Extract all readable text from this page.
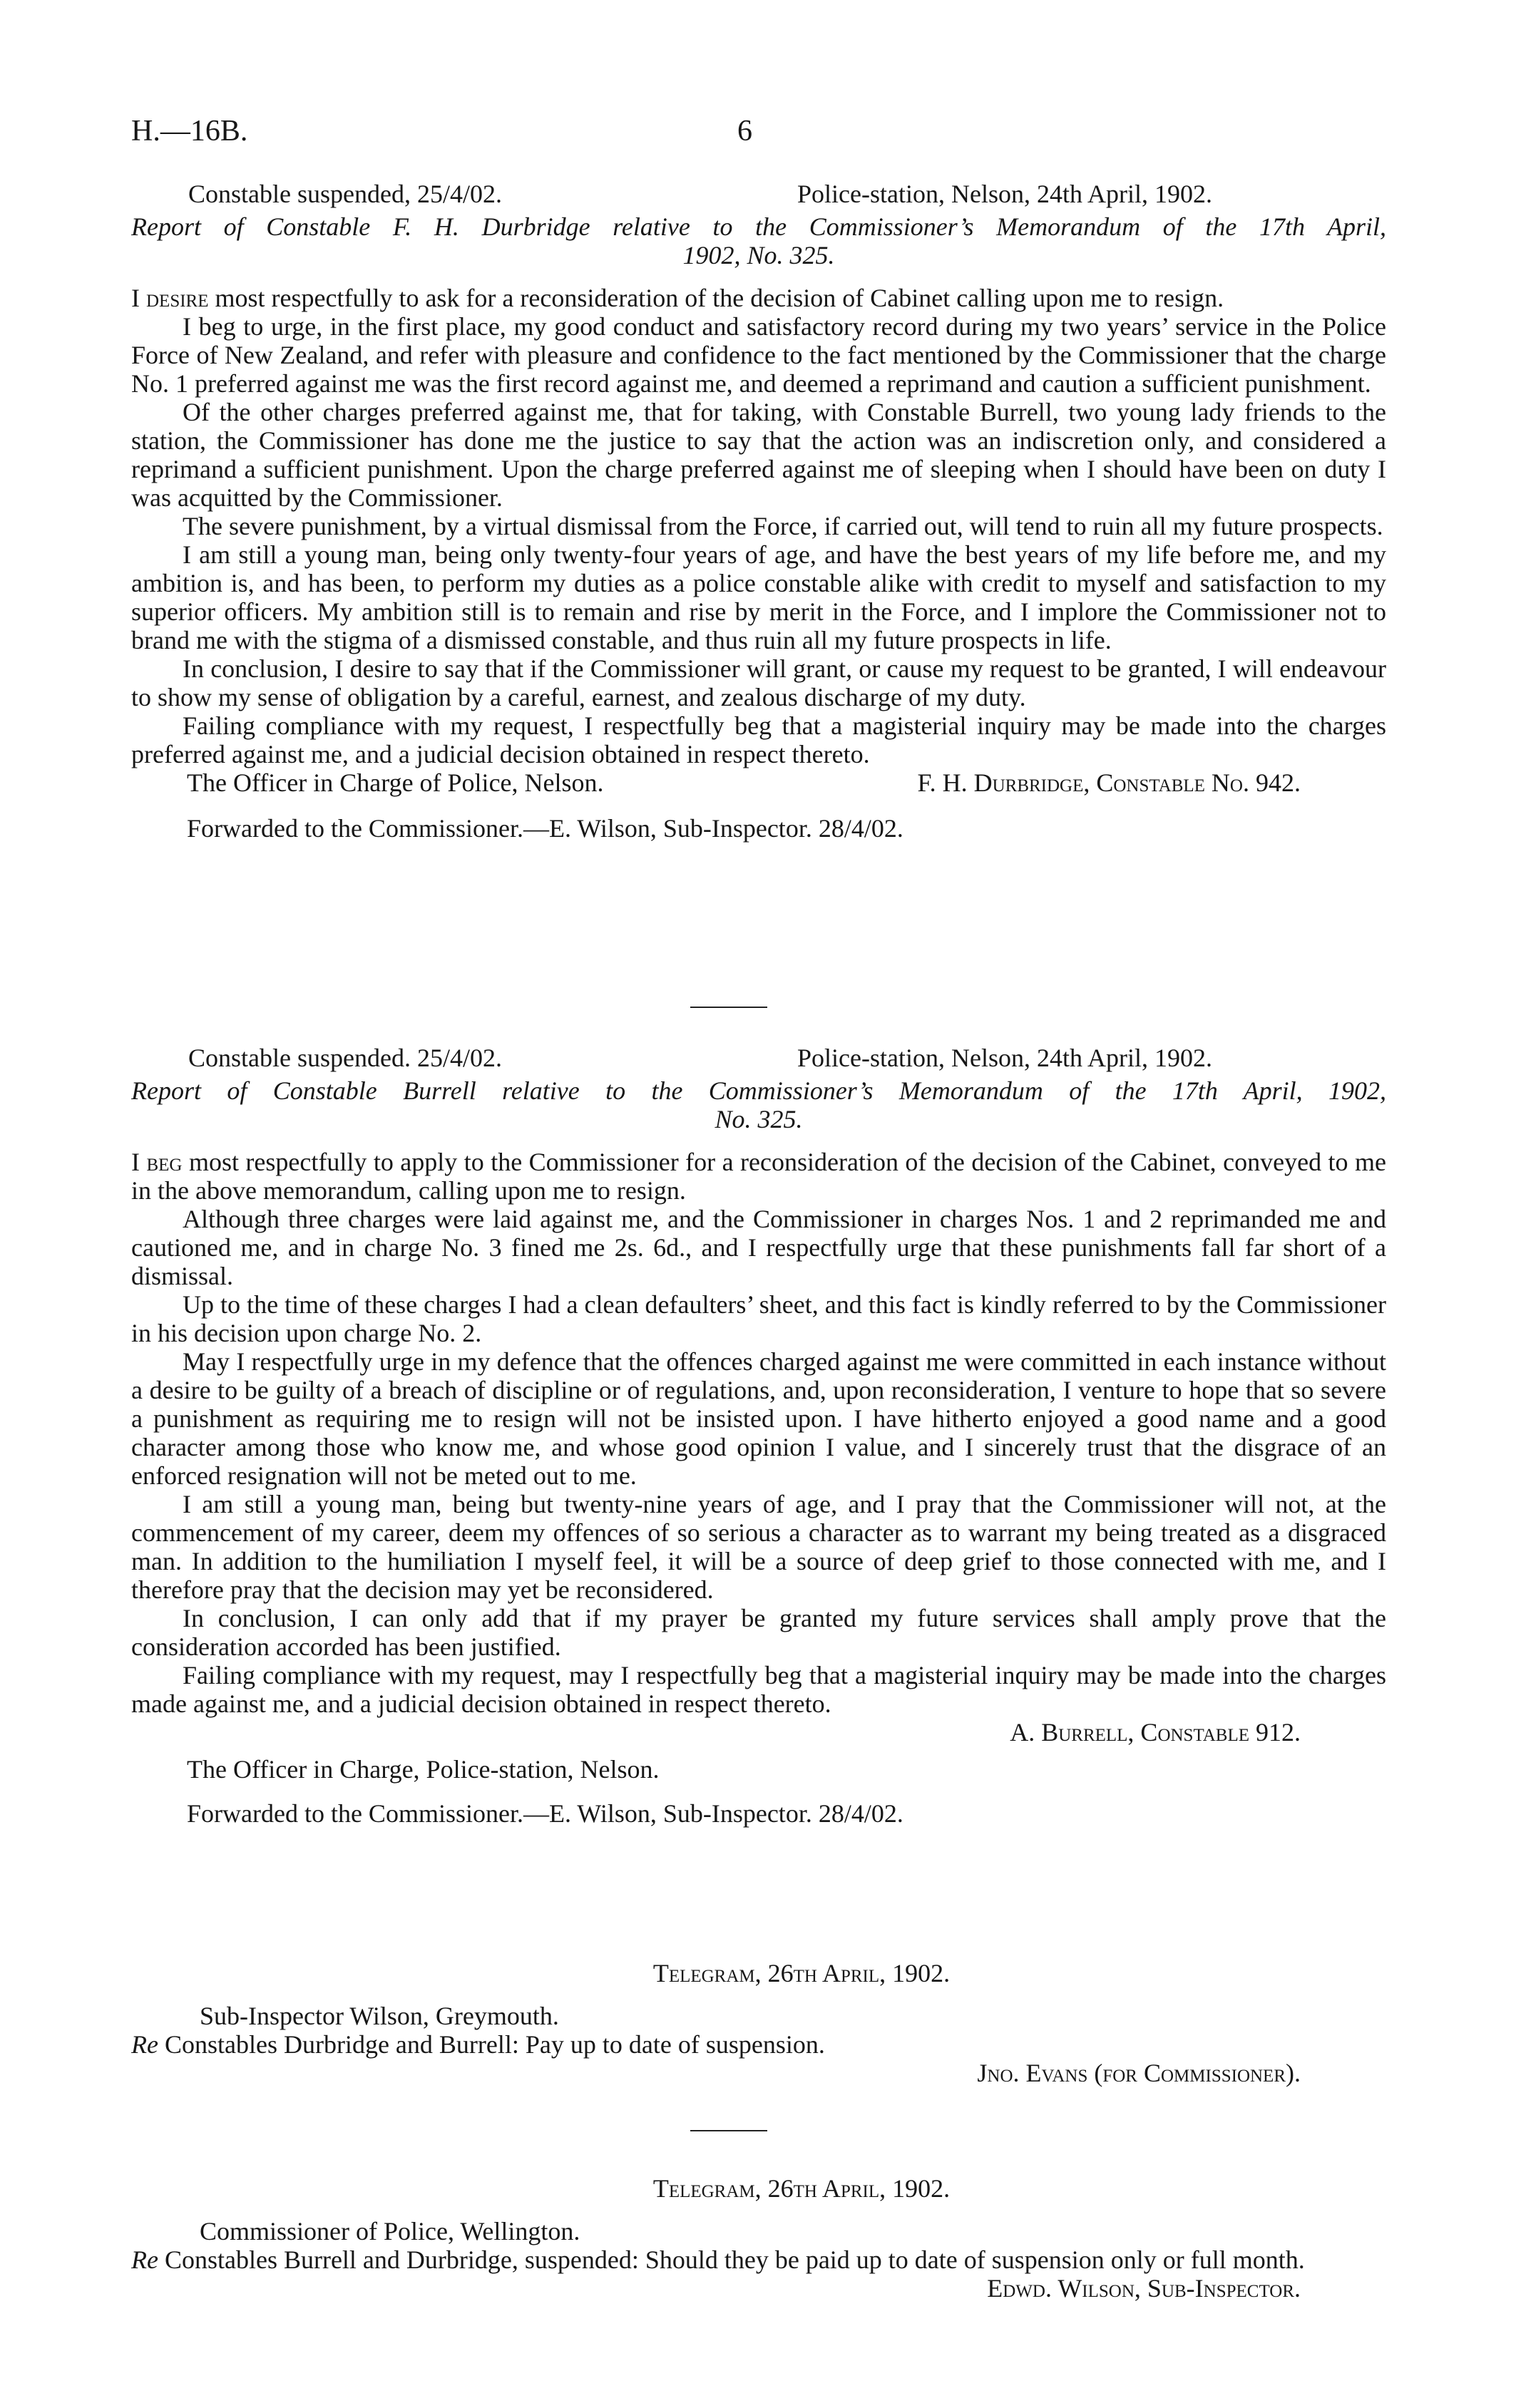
H.—16B.	6
Constable suspended, 25/4/02.	Police-station, Nelson, 24th April, 1902.
Report of Constable F. H. Durbridge relative to the Commissioner’s Memorandum of the 17th April,
1902, No. 325.

I desire most respectfully to ask for a reconsideration of the decision of Cabinet calling upon me to resign.

I beg to urge, in the first place, my good conduct and satisfactory record during my two years’ service in the Police Force of New Zealand, and refer with pleasure and confidence to the fact mentioned by the Commissioner that the charge No. 1 preferred against me was the first record against me, and deemed a reprimand and caution a sufficient punishment.

Of the other charges preferred against me, that for taking, with Constable Burrell, two young lady friends to the station, the Commissioner has done me the justice to say that the action was an indiscretion only, and considered a reprimand a sufficient punishment. Upon the charge preferred against me of sleeping when I should have been on duty I was acquitted by the Commissioner.

The severe punishment, by a virtual dismissal from the Force, if carried out, will tend to ruin all my future prospects.

I am still a young man, being only twenty-four years of age, and have the best years of my life before me, and my ambition is, and has been, to perform my duties as a police constable alike with credit to myself and satisfaction to my superior officers. My ambition still is to remain and rise by merit in the Force, and I implore the Commissioner not to brand me with the stigma of a dismissed constable, and thus ruin all my future prospects in life.

In conclusion, I desire to say that if the Commissioner will grant, or cause my request to be granted, I will endeavour to show my sense of obligation by a careful, earnest, and zealous discharge of my duty.

Failing compliance with my request, I respectfully beg that a magisterial inquiry may be made into the charges preferred against me, and a judicial decision obtained in respect thereto.

The Officer in Charge of Police, Nelson.	F. H. Durbridge, Constable No. 942.
Forwarded to the Commissioner.—E. Wilson, Sub-Inspector. 28/4/02.
Constable suspended. 25/4/02.	Police-station, Nelson, 24th April, 1902.
Report of Constable Burrell relative to the Commissioner’s Memorandum of the 17th April, 1902,
No. 325.

I beg most respectfully to apply to the Commissioner for a reconsideration of the decision of the Cabinet, conveyed to me in the above memorandum, calling upon me to resign.

Although three charges were laid against me, and the Commissioner in charges Nos. 1 and 2 reprimanded me and cautioned me, and in charge No. 3 fined me 2s. 6d., and I respectfully urge that these punishments fall far short of a dismissal.

Up to the time of these charges I had a clean defaulters’ sheet, and this fact is kindly referred to by the Commissioner in his decision upon charge No. 2.

May I respectfully urge in my defence that the offences charged against me were committed in each instance without a desire to be guilty of a breach of discipline or of regulations, and, upon reconsideration, I venture to hope that so severe a punishment as requiring me to resign will not be insisted upon. I have hitherto enjoyed a good name and a good character among those who know me, and whose good opinion I value, and I sincerely trust that the disgrace of an enforced resignation will not be meted out to me.

I am still a young man, being but twenty-nine years of age, and I pray that the Commissioner will not, at the commencement of my career, deem my offences of so serious a character as to warrant my being treated as a disgraced man. In addition to the humiliation I myself feel, it will be a source of deep grief to those connected with me, and I therefore pray that the decision may yet be reconsidered.

In conclusion, I can only add that if my prayer be granted my future services shall amply prove that the consideration accorded has been justified.

Failing compliance with my request, may I respectfully beg that a magisterial inquiry may be made into the charges made against me, and a judicial decision obtained in respect thereto.

A. Burrell, Constable 912.
The Officer in Charge, Police-station, Nelson.
Forwarded to the Commissioner.—E. Wilson, Sub-Inspector. 28/4/02.
Telegram, 26th April, 1902.
Sub-Inspector Wilson, Greymouth.
Re Constables Durbridge and Burrell: Pay up to date of suspension.
Jno. Evans (for Commissioner).
Telegram, 26th April, 1902.
Commissioner of Police, Wellington.
Re Constables Burrell and Durbridge, suspended: Should they be paid up to date of suspension only or full month.
Edwd. Wilson, Sub-Inspector.
